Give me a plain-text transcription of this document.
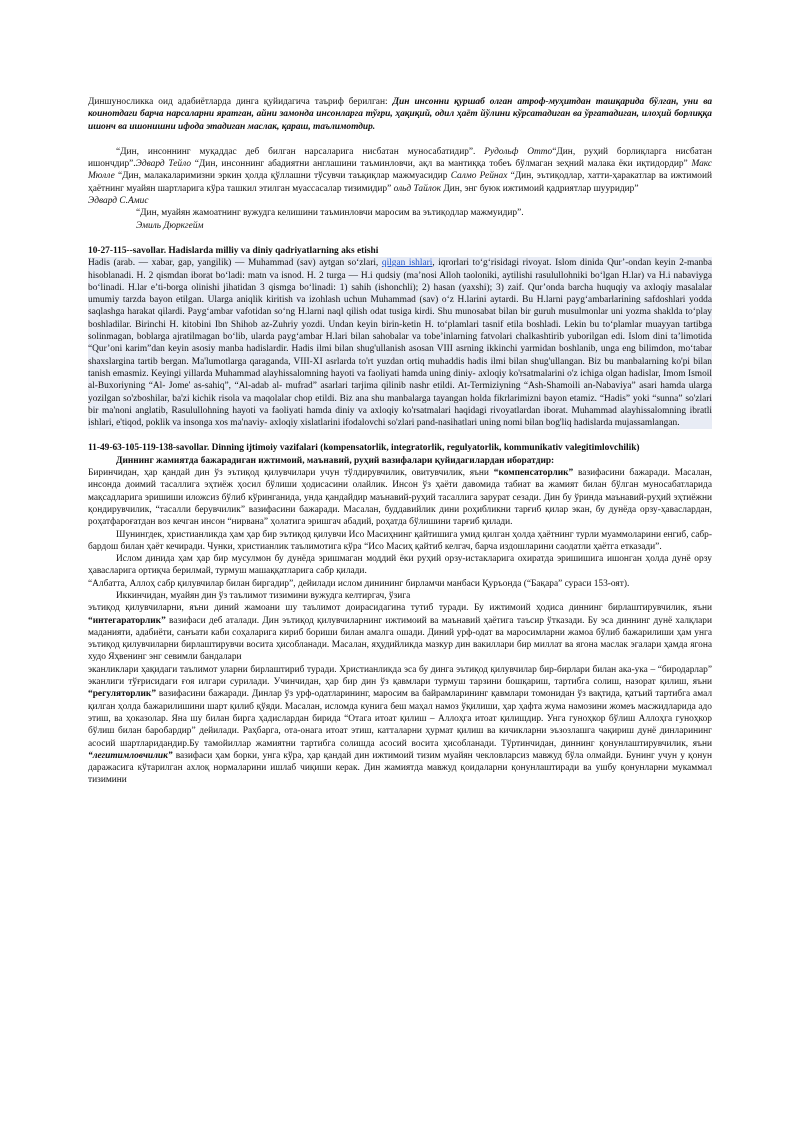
Диншуносликка оид адабиётларда динга қуйидагича таъриф берилган: Дин инсонни қуршаб олган атроф-муҳитдан ташқарида бўлган, уни ва коинотдаги барча нарсаларни яратган, айни замонда инсонларга тўғри, ҳақиқий, одил ҳаёт йўлини кўрсатадиган ва ўргатадиган, илоҳий борлиққа ишонч ва ишонишни ифода этадиган маслак, қараш, таълимотдир.

“Дин, инсоннинг муқаддас деб билган нарсаларига нисбатан муносабатидир”. Рудольф Отто“Дин, руҳий борлиқларга нисбатан ишончдир”.Эдвард Тейло “Дин, инсоннинг абадиятни англашини таъминловчи, ақл ва мантиққа тобеъ бўлмаган зеҳний малака ёки иқтидордир” Макс Мюлле “Дин, малакаларимизни эркин ҳолда қўллашни тўсувчи таъқиқлар мажмуасидир Салмо Рейнах “Дин, эътиқодлар, хатти-ҳаракатлар ва ижтимоий ҳаётнинг муайян шартларига кўра ташкил этилган муассасалар тизимидир” ольд Тайлок Дин, энг буюк ижтимоий қадриятлар шууридир”

Эдвард С.Амис

“Дин, муайян жамоатнинг вужудга келишини таъминловчи маросим ва эътиқодлар мажмуидир”.

Эмиль Дюркгейм

10-27-115--savollar. Hadislarda milliy va diniy qadriyatlarning aks etishi

Hadis (arab. — xabar, gap, yangilik) — Muhammad (sav) aytgan so‘zlari, qilgan ishlari, iqrorlari to‘g‘risidagi rivoyat. Islom dinida Qur’-ondan keyin 2-manba hisoblanadi. H. 2 qismdan iborat bo‘ladi: matn va isnod. H. 2 turga — H.i qudsiy (ma’nosi Alloh taoloniki, aytilishi rasulullohniki bo‘lgan H.lar) va H.i nabaviyga bo‘linadi. H.lar e’ti-borga olinishi jihatidan 3 qismga bo‘linadi: 1) sahih (ishonchli); 2) hasan (yaxshi); 3) zaif. Qur’onda barcha huquqiy va axloqiy masalalar umumiy tarzda bayon etilgan. Ularga aniqlik kiritish va izohlash uchun Muhammad (sav) o‘z H.larini aytardi. Bu H.larni payg‘ambarlarining safdoshlari yodda saqlashga harakat qilardi. Payg‘ambar vafotidan so‘ng H.larni naql qilish odat tusiga kirdi. Shu munosabat bilan bir guruh musulmonlar uni yozma shaklda to‘play boshladilar. Birinchi H. kitobini Ibn Shihob az-Zuhriy yozdi. Undan keyin birin-ketin H. to‘plamlari tasnif etila boshladi. Lekin bu to‘plamlar muayyan tartibga solinmagan, boblarga ajratilmagan bo‘lib, ularda payg‘ambar H.lari bilan sahobalar va tobe’inlarning fatvolari chalkashtirib yuborilgan edi. Islom dini ta’limotida “Qur’oni karim”dan keyin asosiy manba hadislardir. Hadis ilmi bilan shug'ullanish asosan VIII asrning ikkinchi yarmidan boshlanib, unga eng bilimdon, mo‘tabar shaxslargina tartib bergan. Ma'lumotlarga qaraganda, VIII-XI asrlarda to'rt yuzdan ortiq muhaddis hadis ilmi bilan shug'ullangan. Biz bu manbalarning ko'pi bilan tanish emasmiz. Keyingi yillarda Muhammad alayhissalomning hayoti va faoliyati hamda uning diniy- axloqiy ko'rsatmalarini o'z ichiga olgan hadislar, Imom Ismoil al-Buxoriyning “Al- Jome' as-sahiq”, “Al-adab al- mufrad” asarlari tarjima qilinib nashr etildi. At-Termiziyning “Ash-Shamoili an-Nabaviya” asari hamda ularga yozilgan so'zboshilar, ba'zi kichik risola va maqolalar chop etildi. Biz ana shu manbalarga tayangan holda fikrlarimizni bayon etamiz. “Hadis” yoki “sunna” so'zlari bir ma'noni anglatib, Rasulullohning hayoti va faoliyati hamda diniy va axloqiy ko'rsatmalari haqidagi rivoyatlardan iborat. Muhammad alayhissalomning ibratli ishlari, e'tiqod, poklik va insonga xos ma'naviy- axloqiy xislatlarini ifodalovchi so'zlari pand-nasihatlari uning nomi bilan bog'liq hadislarda mujassamlangan.

11-49-63-105-119-138-savollar. Dinning ijtimoiy vazifalari (kompensatorlik, integratorlik, regulyatorlik, kommunikativ valegitimlovchilik)

Диннинг жамиятда бажарадиган ижтимоий, маънавий, руҳий вазифалари қуйидагилардан иборатдир:

Биринчидан, ҳар қандай дин ўз эътиқод қилувчилари учун тўлдирувчилик, овитувчилик, яъни “компенсаторлик” вазифасини бажаради. Масалан, инсонда доимий тасаллига эҳтиёж ҳосил бўлиши ҳодисасини олайлик. Инсон ўз ҳаёти давомида табиат ва жамият билан бўлган муносабатларида мақсадларига эришиши иложсиз бўлиб кўринганида, унда қандайдир маънавий-руҳий тасаллига зарурат сезади. Дин бу ўринда маънавий-руҳий эҳтиёжни қондирувчилик, “тасалли берувчилик” вазифасини бажаради. Масалан, буддавийлик дини роҳибликни тарғиб қилар экан, бу дунёда орзу-ҳаваслардан, роҳатфароғатдан воз кечган инсон “нирвана” ҳолатига эришгач абадий, роҳатда бўлишини тарғиб қилади.

Шунингдек, христианликда ҳам ҳар бир эътиқод қилувчи Исо Масиҳнинг қайтишига умид қилган ҳолда ҳаётнинг турли муаммоларини енгиб, сабр-бардош билан ҳаёт кечиради. Чунки, христианлик таълимотига кўра “Исо Масиҳ қайтиб келгач, барча издошларини саодатли ҳаётга етказади”.

Ислом динида ҳам ҳар бир мусулмон бу дунёда эришмаган моддий ёки руҳий орзу-истакларига охиратда эришишига ишонган ҳолда дунё орзу ҳавасларига ортиқча берилмай, турмуш машаққатларига сабр қилади.

“Албатта, Аллоҳ сабр қилувчилар билан биргадир”, дейилади ислом динининг бирламчи манбаси Қуръонда (“Бақара” сураси 153-оят).

Иккинчидан, муайян дин ўз таълимот тизимини вужудга келтиргач, ўзига

эътиқод қилувчиларни, яъни диний жамоани шу таълимот доирасидагина тутиб туради. Бу ижтимоий ҳодиса диннинг бирлаштирувчилик, яъни “интегараторлик” вазифаси деб аталади. Дин эътиқод қилувчиларнинг ижтимоий ва маънавий ҳаётига таъсир ўтказади. Бу эса диннинг дунё халқлари маданияти, адабиёти, санъати каби соҳаларига кириб бориши билан амалга ошади. Диний урф-одат ва маросимларни жамоа бўлиб бажарилиши ҳам унга эътиқод қилувчиларни бирлаштирувчи восита ҳисобланади. Масалан, яҳудийликда мазкур дин вакиллари бир миллат ва ягона маслак эгалари ҳамда ягона худо Яҳвенинг энг севимли бандалари

эканликлари ҳақидаги таълимот уларни бирлаштириб туради. Христианликда эса бу динга эътиқод қилувчилар бир-бирлари билан ака-ука – “биродарлар” эканлиги тўғрисидаги ғоя илгари сурилади. Учинчидан, ҳар бир дин ўз қавмлари турмуш тарзини бошқариш, тартибга солиш, назорат қилиш, яъни “регуляторлик” вазифасини бажаради. Динлар ўз урф-одатларининг, маросим ва байрамларининг қавмлари томонидан ўз вақтида, қатъий тартибга амал қилган ҳолда бажарилишини шарт қилиб қўяди. Масалан, исломда кунига беш маҳал намоз ўқилиши, ҳар ҳафта жума намозини жомеъ масжидларида адо этиш, ва ҳоказолар. Яна шу билан бирга ҳадислардан бирида “Отага итоат қилиш – Аллоҳга итоат қилишдир. Унга гуноҳкор бўлиш Аллоҳга гуноҳкор бўлиш билан баробардир” дейилади. Раҳбарга, ота-онага итоат этиш, катталарни ҳурмат қилиш ва кичикларни эъзозлашга чақириш дунё динларининг асосий шартларидандир.Бу тамойиллар жамиятни тартибга солишда асосий восита ҳисобланади. Тўртинчидан, диннинг қонунлаштирувчилик, яъни “легитимловчилик” вазифаси ҳам борки, унга кўра, ҳар қандай дин ижтимоий тизим муайян чекловларсиз мавжуд бўла олмайди. Бунинг учун у қонун даражасига кўтарилган ахлоқ нормаларини ишлаб чиқиши керак. Дин жамиятда мавжуд қоидаларни қонунлаштиради ва ушбу қонунларни мукаммал тизимини
